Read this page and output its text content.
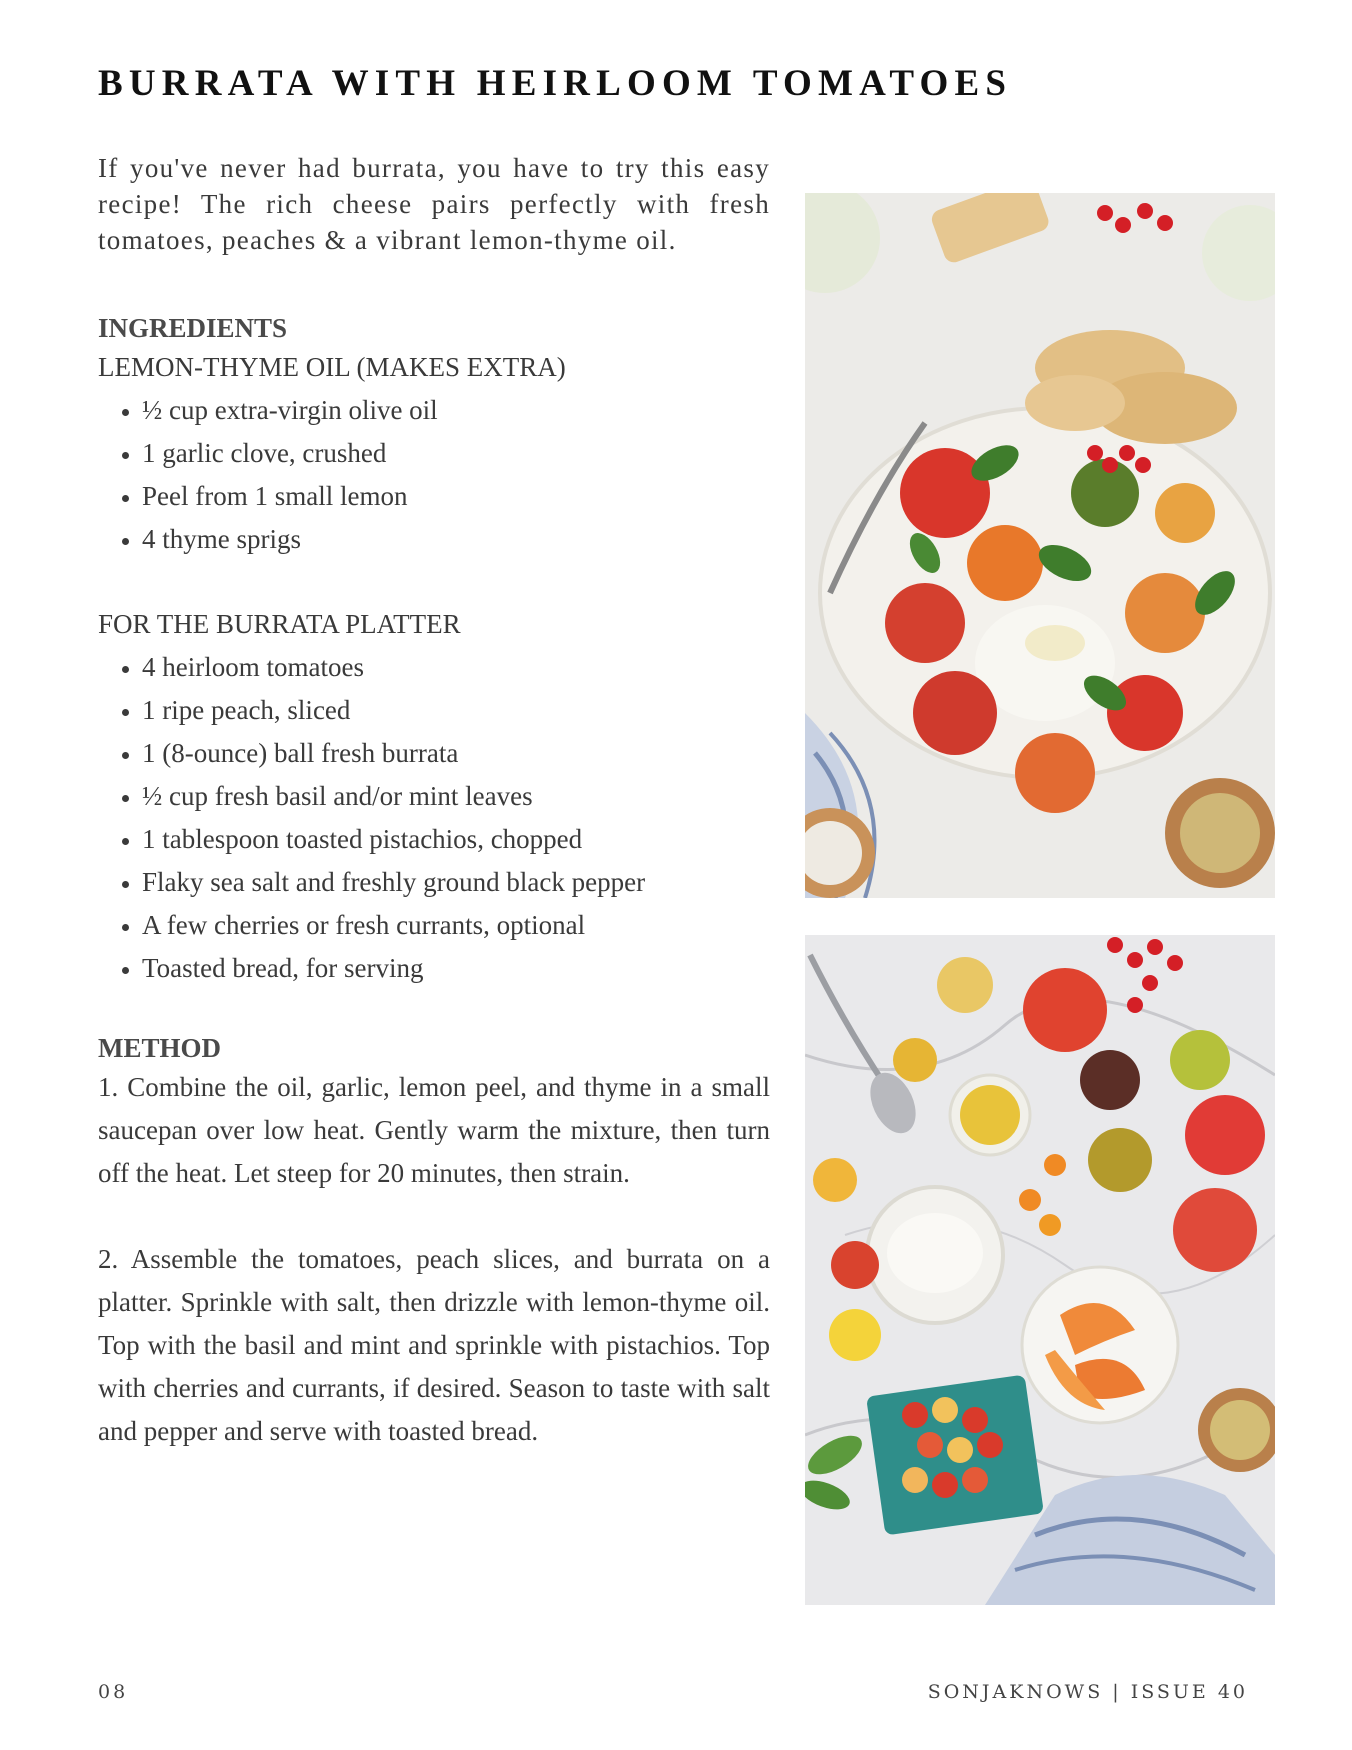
BURRATA WITH HEIRLOOM TOMATOES

If you've never had burrata, you have to try this easy recipe! The rich cheese pairs perfectly with fresh tomatoes, peaches & a vibrant lemon-thyme oil.

INGREDIENTS

LEMON-THYME OIL (MAKES EXTRA)

• ½ cup extra-virgin olive oil
• 1 garlic clove, crushed
• Peel from 1 small lemon
• 4 thyme sprigs

FOR THE BURRATA PLATTER

• 4 heirloom tomatoes
• 1 ripe peach, sliced
• 1 (8-ounce) ball fresh burrata
• ½ cup fresh basil and/or mint leaves
• 1 tablespoon toasted pistachios, chopped
• Flaky sea salt and freshly ground black pepper
• A few cherries or fresh currants, optional
• Toasted bread, for serving
METHOD

1. Combine the oil, garlic, lemon peel, and thyme in a small saucepan over low heat. Gently warm the mixture, then turn off the heat. Let steep for 20 minutes, then strain.

2. Assemble the tomatoes, peach slices, and burrata on a platter. Sprinkle with salt, then drizzle with lemon-thyme oil. Top with the basil and mint and sprinkle with pistachios. Top with cherries and currants, if desired. Season to taste with salt and pepper and serve with toasted bread.

08	SONJAKNOWS | ISSUE 40
